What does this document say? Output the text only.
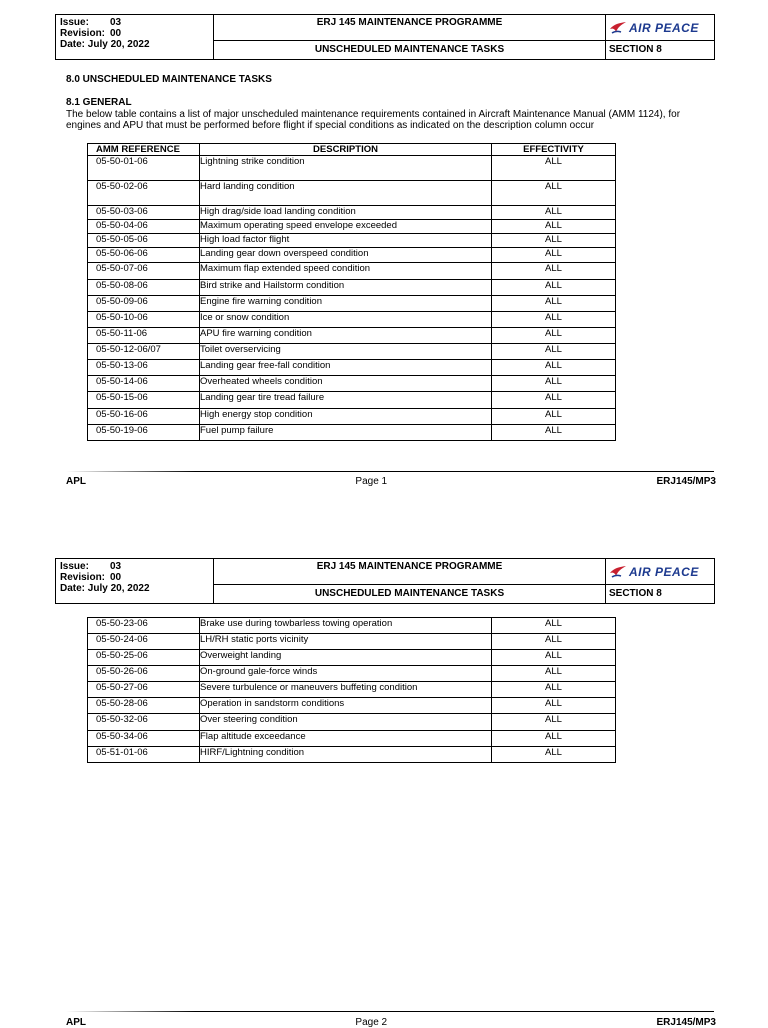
Issue:	03
Revision: 00
Date:
July 20, 2022
ERJ 145 MAINTENANCE PROGRAMME
UNSCHEDULED MAINTENANCE TASKS
AIR PEACE
SECTION 8
8.0 UNSCHEDULED MAINTENANCE TASKS
8.1 GENERAL
The below table contains a list of major unscheduled maintenance requirements contained in Aircraft Maintenance Manual (AMM 1124), for engines and APU that must be performed before flight if special conditions as indicated on the description column occur
AMM REFERENCE	DESCRIPTION	EFFECTIVITY
05-50-01-06	Lightning strike condition	ALL
05-50-02-06	Hard landing condition	ALL
05-50-03-06	High drag/side load landing condition	ALL
05-50-04-06	Maximum operating speed envelope exceeded	ALL
05-50-05-06	High load factor flight	ALL
05-50-06-06	Landing gear down overspeed condition	ALL
05-50-07-06	Maximum flap extended speed condition	ALL
05-50-08-06	Bird strike and Hailstorm condition	ALL
05-50-09-06	Engine fire warning condition	ALL
05-50-10-06	Ice or snow condition	ALL
05-50-11-06	APU fire warning condition	ALL
05-50-12-06/07	Toilet overservicing	ALL
05-50-13-06	Landing gear free-fall condition	ALL
05-50-14-06	Overheated wheels condition	ALL
05-50-15-06	Landing gear tire tread failure	ALL
05-50-16-06	High energy stop condition	ALL
05-50-19-06	Fuel pump failure	ALL
APL	Page 1	ERJ145/MP3
Issue:	03
Revision: 00
Date:
July 20, 2022
ERJ 145 MAINTENANCE PROGRAMME
UNSCHEDULED MAINTENANCE TASKS
AIR PEACE
SECTION 8
05-50-23-06	Brake use during towbarless towing operation	ALL
05-50-24-06	LH/RH static ports vicinity	ALL
05-50-25-06	Overweight landing	ALL
05-50-26-06	On-ground gale-force winds	ALL
05-50-27-06	Severe turbulence or maneuvers buffeting condition	ALL
05-50-28-06	Operation in sandstorm conditions	ALL
05-50-32-06	Over steering condition	ALL
05-50-34-06	Flap altitude exceedance	ALL
05-51-01-06	HIRF/Lightning condition	ALL
APL	Page 2	ERJ145/MP3
